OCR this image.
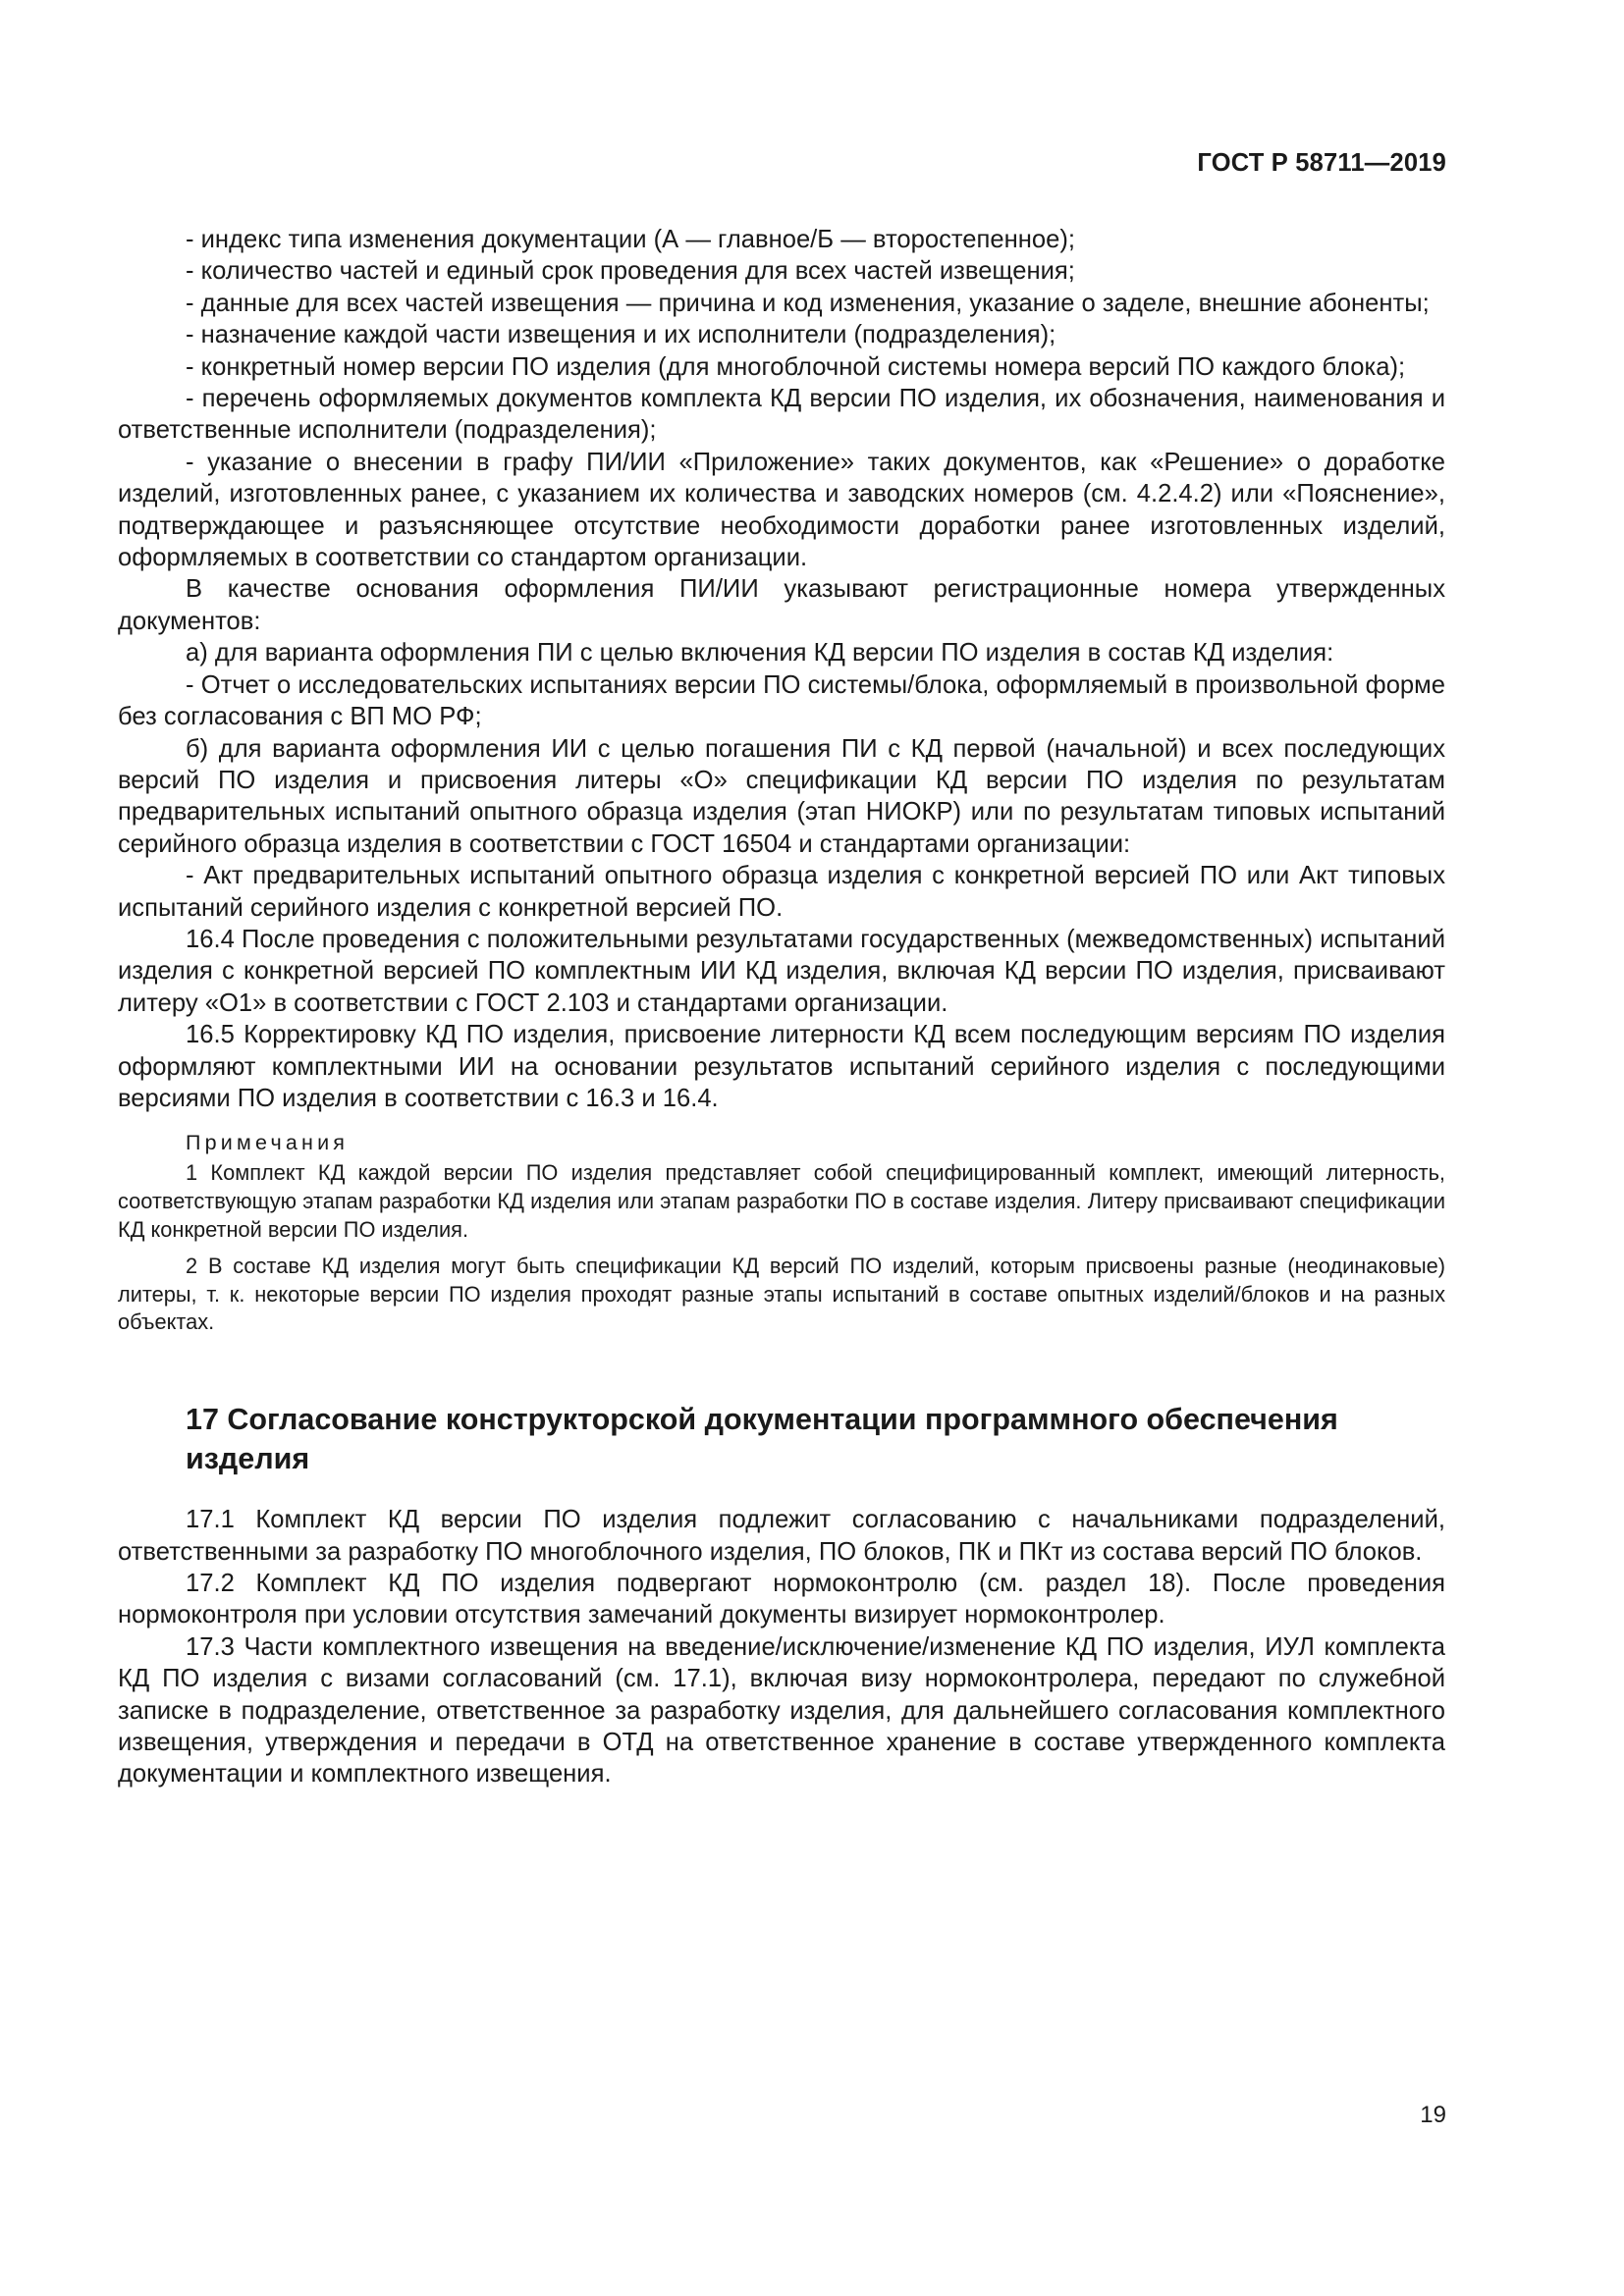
ГОСТ Р 58711—2019

- индекс типа изменения документации (А — главное/Б — второстепенное);

- количество частей и единый срок проведения для всех частей извещения;

- данные для всех частей извещения — причина и код изменения, указание о заделе, внешние абоненты;

- назначение каждой части извещения и их исполнители (подразделения);

- конкретный номер версии ПО изделия (для многоблочной системы номера версий ПО каждого блока);

- перечень оформляемых документов комплекта КД версии ПО изделия, их обозначения, наименования и ответственные исполнители (подразделения);

- указание о внесении в графу ПИ/ИИ «Приложение» таких документов, как «Решение» о доработке изделий, изготовленных ранее, с указанием их количества и заводских номеров (см. 4.2.4.2) или «Пояснение», подтверждающее и разъясняющее отсутствие необходимости доработки ранее изготовленных изделий, оформляемых в соответствии со стандартом организации.

В качестве основания оформления ПИ/ИИ указывают регистрационные номера утвержденных документов:

а) для варианта оформления ПИ с целью включения КД версии ПО изделия в состав КД изделия:

- Отчет о исследовательских испытаниях версии ПО системы/блока, оформляемый в произвольной форме без согласования с ВП МО РФ;

б) для варианта оформления ИИ с целью погашения ПИ с КД первой (начальной) и всех последующих версий ПО изделия и присвоения литеры «О» спецификации КД версии ПО изделия по результатам предварительных испытаний опытного образца изделия (этап НИОКР) или по результатам типовых испытаний серийного образца изделия в соответствии с ГОСТ 16504 и стандартами организации:

- Акт предварительных испытаний опытного образца изделия с конкретной версией ПО или Акт типовых испытаний серийного изделия с конкретной версией ПО.

16.4 После проведения с положительными результатами государственных (межведомственных) испытаний изделия с конкретной версией ПО комплектным ИИ КД изделия, включая КД версии ПО изделия, присваивают литеру «О1» в соответствии с ГОСТ 2.103 и стандартами организации.

16.5 Корректировку КД ПО изделия, присвоение литерности КД всем последующим версиям ПО изделия оформляют комплектными ИИ на основании результатов испытаний серийного изделия с последующими версиями ПО изделия в соответствии с 16.3 и 16.4.

Примечания

1 Комплект КД каждой версии ПО изделия представляет собой специфицированный комплект, имеющий литерность, соответствующую этапам разработки КД изделия или этапам разработки ПО в составе изделия. Литеру присваивают спецификации КД конкретной версии ПО изделия.

2 В составе КД изделия могут быть спецификации КД версий ПО изделий, которым присвоены разные (неодинаковые) литеры, т. к. некоторые версии ПО изделия проходят разные этапы испытаний в составе опытных изделий/блоков и на разных объектах.

17 Согласование конструкторской документации программного обеспечения изделия

17.1 Комплект КД версии ПО изделия подлежит согласованию с начальниками подразделений, ответственными за разработку ПО многоблочного изделия, ПО блоков, ПК и ПКт из состава версий ПО блоков.

17.2 Комплект КД ПО изделия подвергают нормоконтролю (см. раздел 18). После проведения нормоконтроля при условии отсутствия замечаний документы визирует нормоконтролер.

17.3 Части комплектного извещения на введение/исключение/изменение КД ПО изделия, ИУЛ комплекта КД ПО изделия с визами согласований (см. 17.1), включая визу нормоконтролера, передают по служебной записке в подразделение, ответственное за разработку изделия, для дальнейшего согласования комплектного извещения, утверждения и передачи в ОТД на ответственное хранение в составе утвержденного комплекта документации и комплектного извещения.

19
